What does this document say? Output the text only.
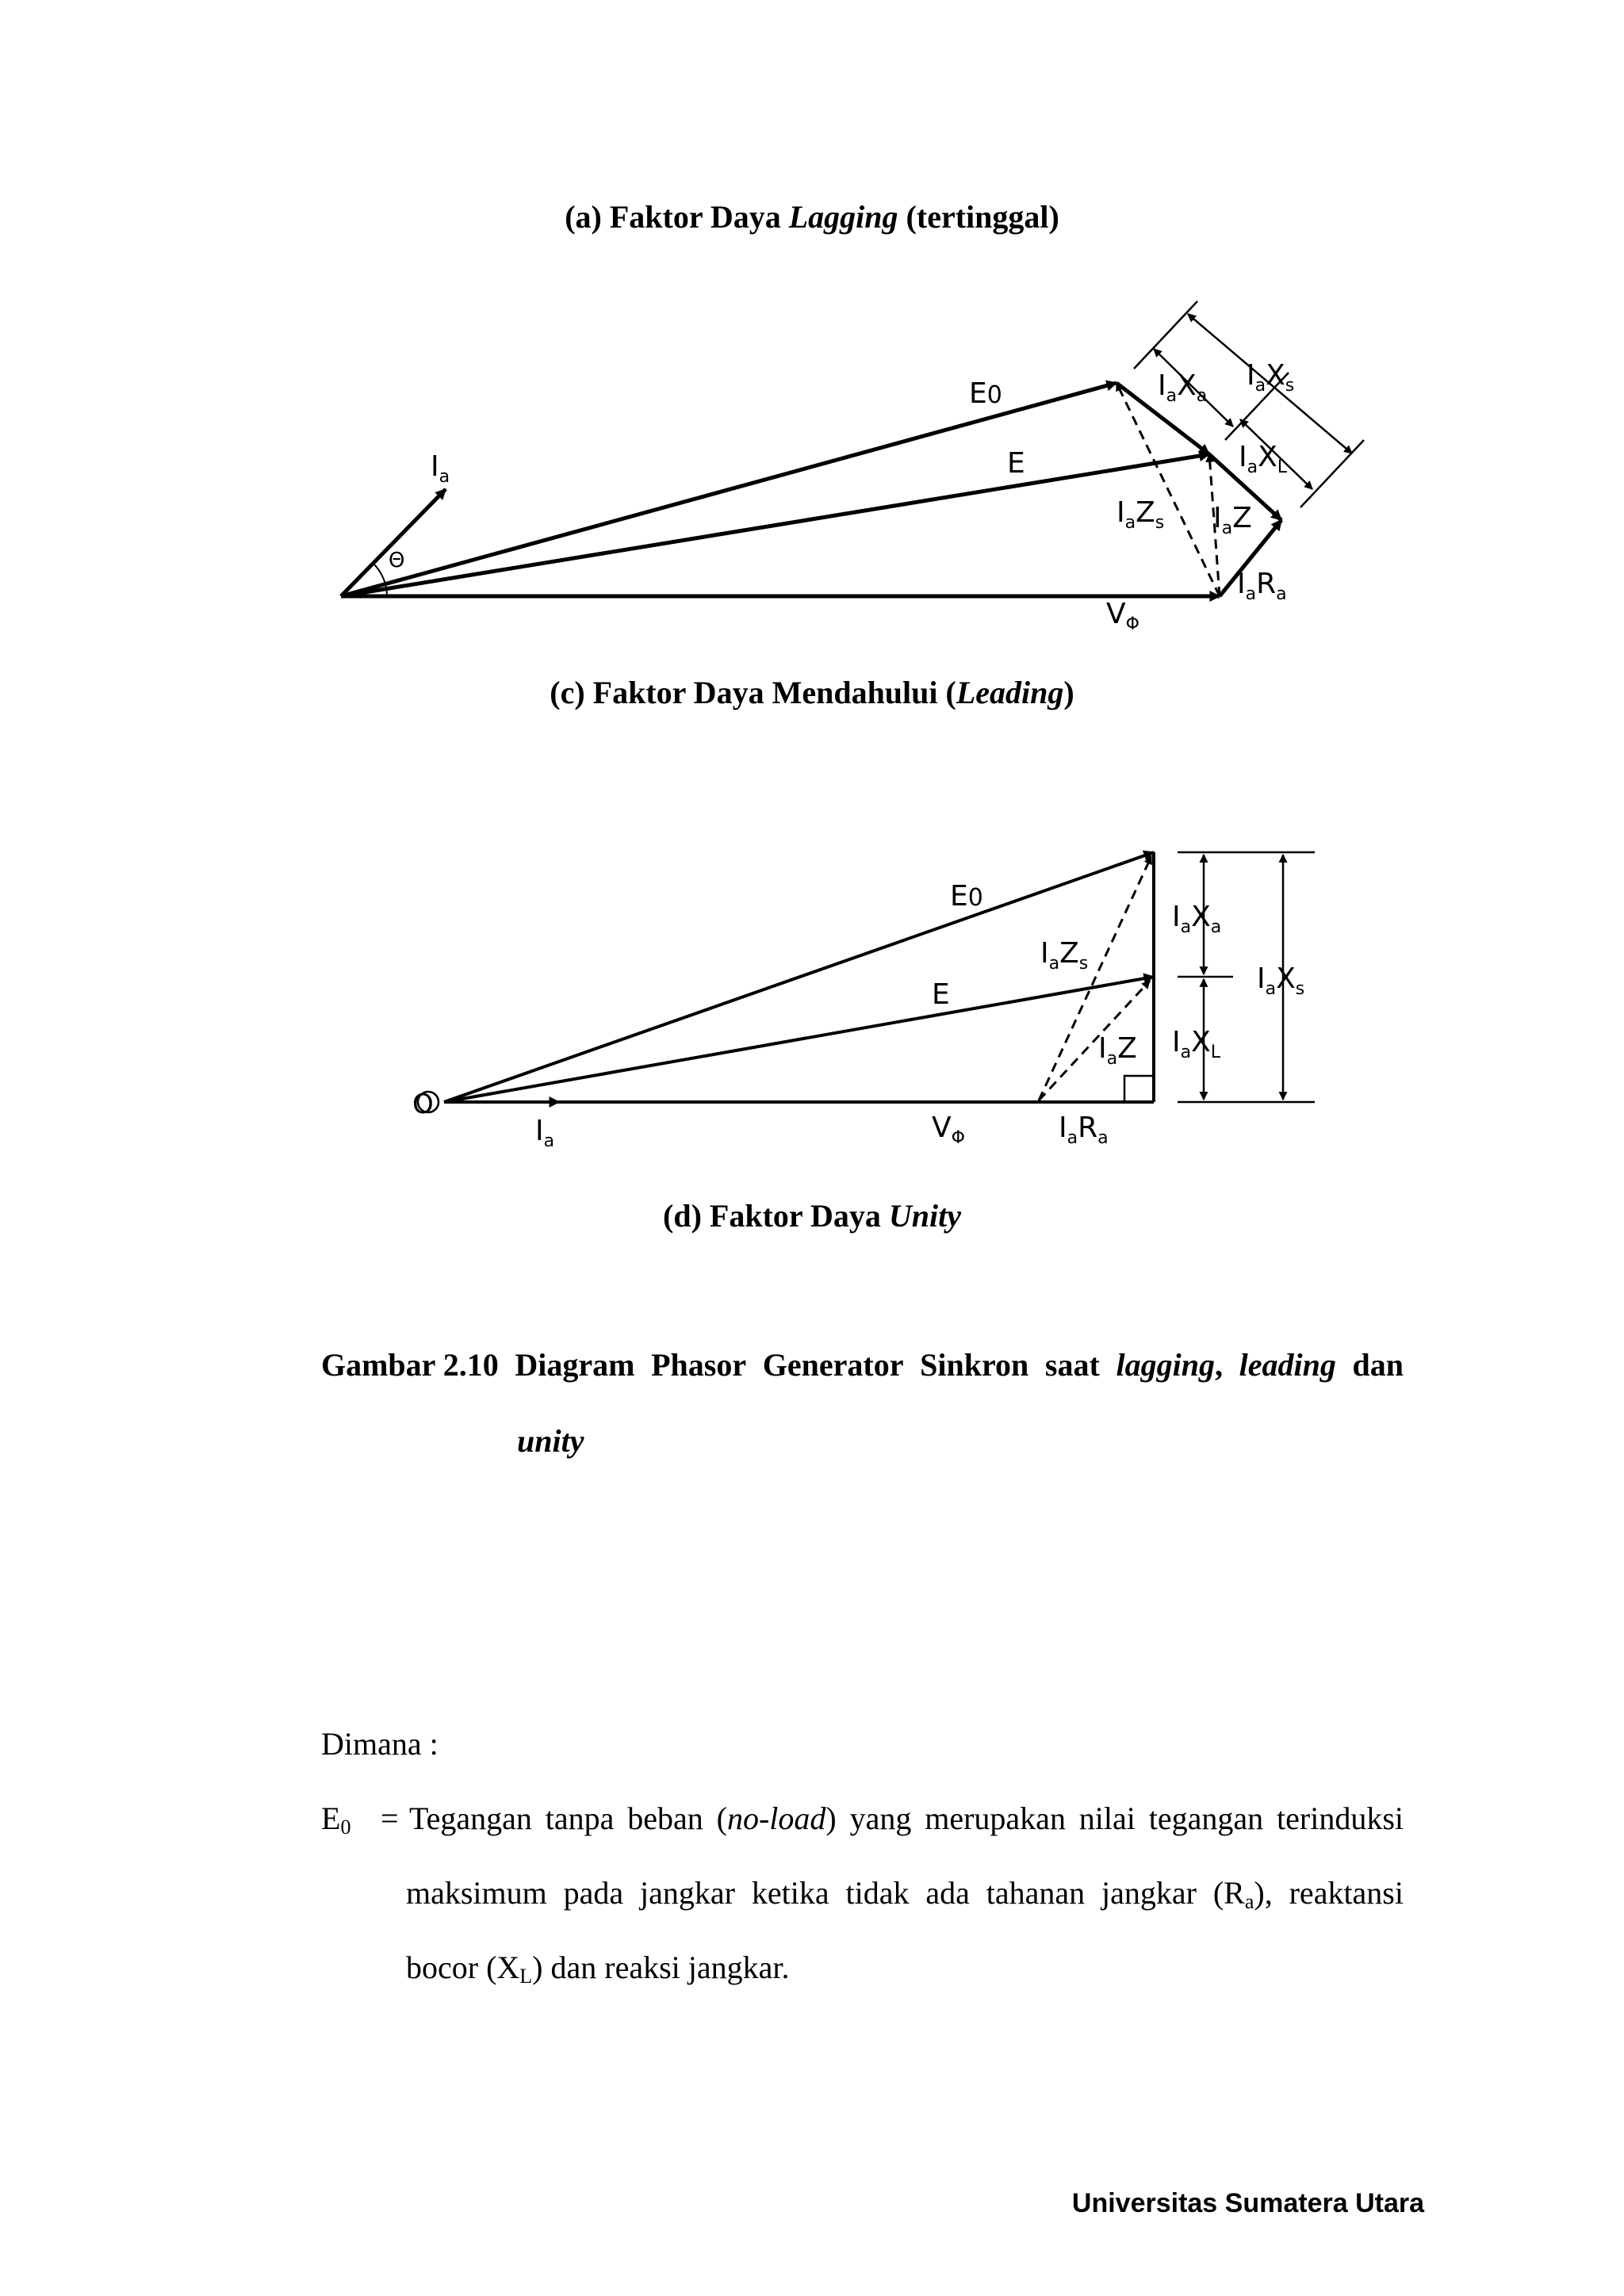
(a) Faktor Daya Lagging (tertinggal)
$I_a$
Θ
E0
E
$V_\Phi$
$I_aX_a$
$I_aX_s$
$I_aX_L$
$I_aZ_s$ $I_aZ$
$I_aR_a$
(c) Faktor Daya Mendahului (Leading)
O
$I_a$
E0
E
$V_\Phi$
$I_aZ_s$
$I_aZ$
$I_aR_a$
$I_aX_a$
$I_aX_L$
$I_aX_s$
(d) Faktor Daya Unity
Gambar 2.10 Diagram Phasor Generator Sinkron saat lagging, leading dan
unity
Dimana :
$E_0$ = Tegangan tanpa beban (no-load) yang merupakan nilai tegangan terinduksi
maksimum pada jangkar ketika tidak ada tahanan jangkar $(R_a)$, reaktansi
bocor $(X_L)$ dan reaksi jangkar.
Universitas Sumatera Utara
